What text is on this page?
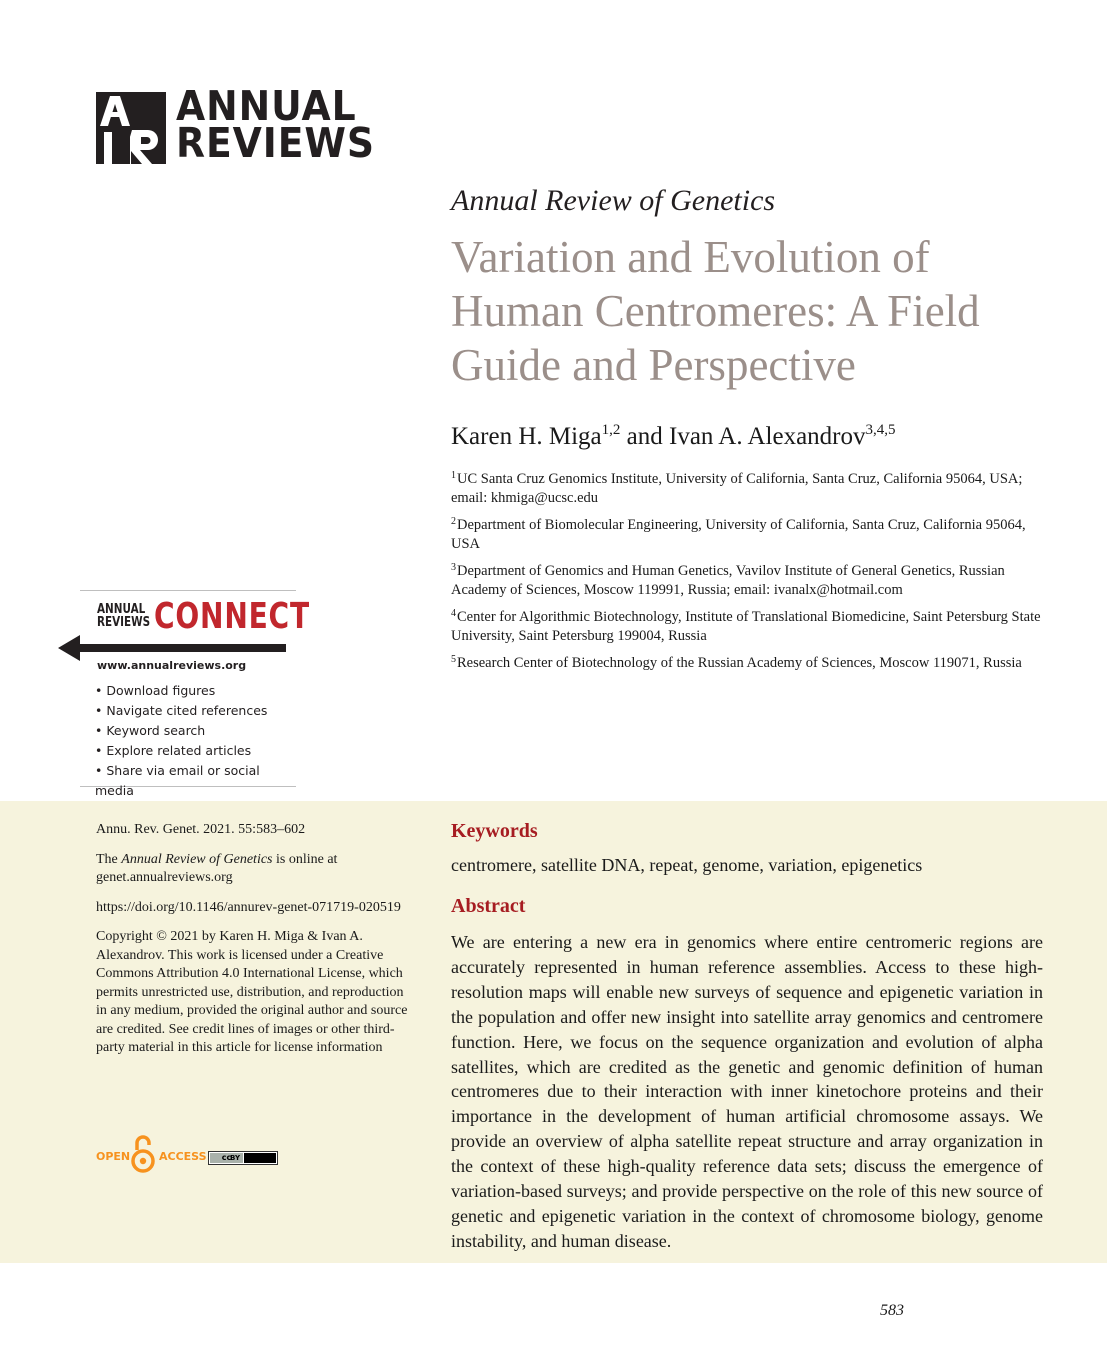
ANNUAL
REVIEWS
Annual Review of Genetics
Variation and Evolution of Human Centromeres: A Field Guide and Perspective
Karen H. Miga$^{1,2}$ and Ivan A. Alexandrov$^{3,4,5}$
$^1$UC Santa Cruz Genomics Institute, University of California, Santa Cruz, California 95064, USA; email: khmiga@ucsc.edu
$^2$Department of Biomolecular Engineering, University of California, Santa Cruz, California 95064, USA
$^3$Department of Genomics and Human Genetics, Vavilov Institute of General Genetics, Russian Academy of Sciences, Moscow 119991, Russia; email: ivanalx@hotmail.com
$^4$Center for Algorithmic Biotechnology, Institute of Translational Biomedicine, Saint Petersburg State University, Saint Petersburg 199004, Russia
$^5$Research Center of Biotechnology of the Russian Academy of Sciences, Moscow 119071, Russia
ANNUAL
REVIEWS CONNECT
www.annualreviews.org
• Download figures
• Navigate cited references
• Keyword search
• Explore related articles
• Share via email or social media

Annu. Rev. Genet. 2021. 55:583–602

The Annual Review of Genetics is online at genet.annualreviews.org

https://doi.org/10.1146/annurev-genet-071719-020519

Copyright © 2021 by Karen H. Miga & Ivan A. Alexandrov. This work is licensed under a Creative Commons Attribution 4.0 International License, which permits unrestricted use, distribution, and reproduction in any medium, provided the original author and source are credited. See credit lines of images or other third-party material in this article for license information

OPEN	ACCESS	cc
BY
Keywords
centromere, satellite DNA, repeat, genome, variation, epigenetics
Abstract
We are entering a new era in genomics where entire centromeric regions are accurately represented in human reference assemblies. Access to these high-resolution maps will enable new surveys of sequence and epigenetic variation in the population and offer new insight into satellite array genomics and centromere function. Here, we focus on the sequence organization and evolution of alpha satellites, which are credited as the genetic and genomic definition of human centromeres due to their interaction with inner kinetochore proteins and their importance in the development of human artificial chromosome assays. We provide an overview of alpha satellite repeat structure and array organization in the context of these high-quality reference data sets; discuss the emergence of variation-based surveys; and provide perspective on the role of this new source of genetic and epigenetic variation in the context of chromosome biology, genome instability, and human disease.
583
